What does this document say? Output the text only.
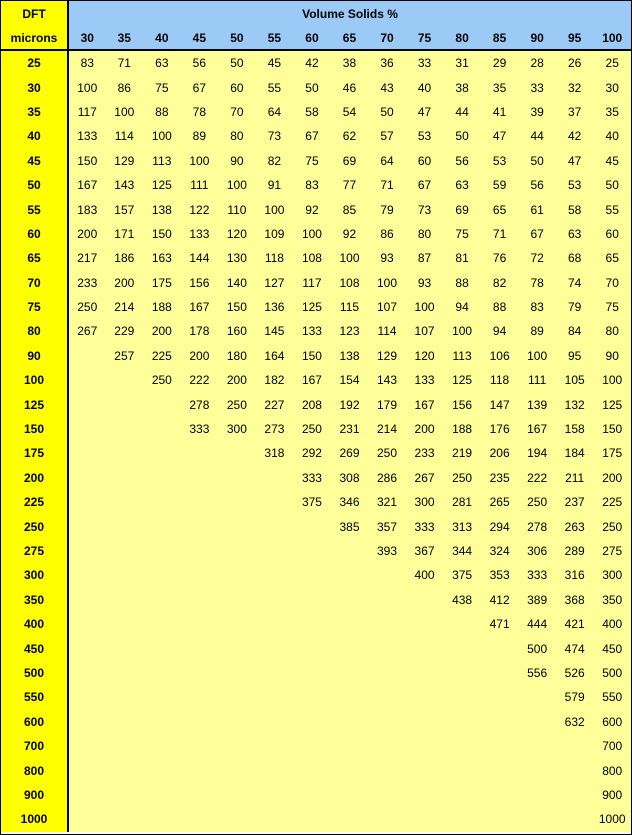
DFT	Volume Solids %														
microns	30	35	40	45	50	55	60	65	70	75	80	85	90	95	100
25	83	71	63	56	50	45	42	38	36	33	31	29	28	26	25
30	100	86	75	67	60	55	50	46	43	40	38	35	33	32	30
35	117	100	88	78	70	64	58	54	50	47	44	41	39	37	35
40	133	114	100	89	80	73	67	62	57	53	50	47	44	42	40
45	150	129	113	100	90	82	75	69	64	60	56	53	50	47	45
50	167	143	125	111	100	91	83	77	71	67	63	59	56	53	50
55	183	157	138	122	110	100	92	85	79	73	69	65	61	58	55
60	200	171	150	133	120	109	100	92	86	80	75	71	67	63	60
65	217	186	163	144	130	118	108	100	93	87	81	76	72	68	65
70	233	200	175	156	140	127	117	108	100	93	88	82	78	74	70
75	250	214	188	167	150	136	125	115	107	100	94	88	83	79	75
80	267	229	200	178	160	145	133	123	114	107	100	94	89	84	80
90		257	225	200	180	164	150	138	129	120	113	106	100	95	90
100			250	222	200	182	167	154	143	133	125	118	111	105	100
125				278	250	227	208	192	179	167	156	147	139	132	125
150				333	300	273	250	231	214	200	188	176	167	158	150
175						318	292	269	250	233	219	206	194	184	175
200							333	308	286	267	250	235	222	211	200
225							375	346	321	300	281	265	250	237	225
250								385	357	333	313	294	278	263	250
275									393	367	344	324	306	289	275
300										400	375	353	333	316	300
350											438	412	389	368	350
400												471	444	421	400
450													500	474	450
500													556	526	500
550														579	550
600														632	600
700															700
800															800
900															900
1000															1000
